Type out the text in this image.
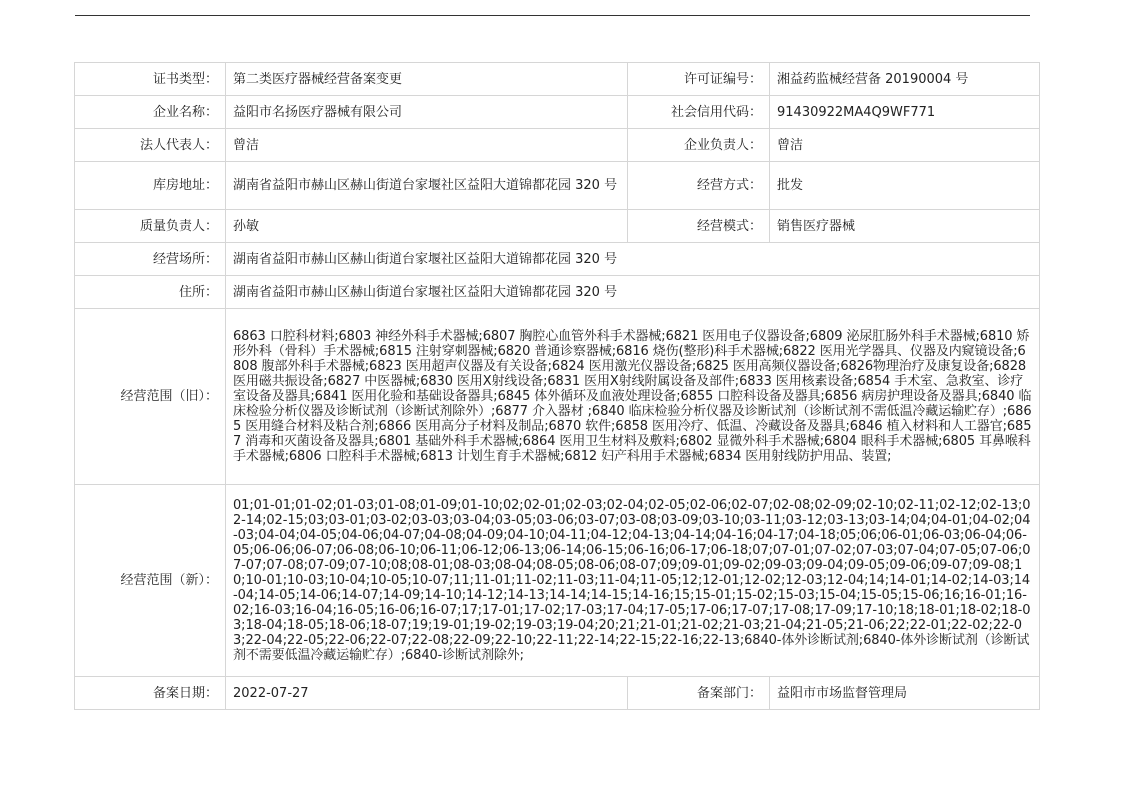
证书类型：	第二类医疗器械经营备案变更	许可证编号：	湘益药监械经营备 20190004 号
企业名称：	益阳市名扬医疗器械有限公司	社会信用代码：	91430922MA4Q9WF771
法人代表人：	曾洁	企业负责人：	曾洁
库房地址：	湖南省益阳市赫山区赫山街道台家堰社区益阳大道锦都花园 320 号	经营方式：	批发
质量负责人：	孙敏	经营模式：	销售医疗器械
经营场所：	湖南省益阳市赫山区赫山街道台家堰社区益阳大道锦都花园 320 号		
住所：	湖南省益阳市赫山区赫山街道台家堰社区益阳大道锦都花园 320 号		
经营范围（旧）：	6863 口腔科材料;6803 神经外科手术器械;6807 胸腔心血管外科手术器械;6821 医用电子仪器设备;6809 泌尿肛肠外科手术器械;6810 矫形外科（骨科）手术器械;6815 注射穿刺器械;6820 普通诊察器械;6816 烧伤(整形)科手术器械;6822 医用光学器具、仪器及内窥镜设备;6808 腹部外科手术器械;6823 医用超声仪器及有关设备;6824 医用激光仪器设备;6825 医用高频仪器设备;6826物理治疗及康复设备;6828 医用磁共振设备;6827 中医器械;6830 医用X射线设备;6831 医用X射线附属设备及部件;6833 医用核素设备;6854 手术室、急救室、诊疗室设备及器具;6841 医用化验和基础设备器具;6845 体外循环及血液处理设备;6855 口腔科设备及器具;6856 病房护理设备及器具;6840 临床检验分析仪器及诊断试剂（诊断试剂除外）;6877 介入器材 ;6840 临床检验分析仪器及诊断试剂（诊断试剂不需低温冷藏运输贮存）;6865 医用缝合材料及粘合剂;6866 医用高分子材料及制品;6870 软件;6858 医用冷疗、低温、冷藏设备及器具;6846 植入材料和人工器官;6857 消毒和灭菌设备及器具;6801 基础外科手术器械;6864 医用卫生材料及敷料;6802 显微外科手术器械;6804 眼科手术器械;6805 耳鼻喉科手术器械;6806 口腔科手术器械;6813 计划生育手术器械;6812 妇产科用手术器械;6834 医用射线防护用品、装置;		
经营范围（新）：	01;01-01;01-02;01-03;01-08;01-09;01-10;02;02-01;02-03;02-04;02-05;02-06;02-07;02-08;02-09;02-10;02-11;02-12;02-13;02-14;02-15;03;03-01;03-02;03-03;03-04;03-05;03-06;03-07;03-08;03-09;03-10;03-11;03-12;03-13;03-14;04;04-01;04-02;04-03;04-04;04-05;04-06;04-07;04-08;04-09;04-10;04-11;04-12;04-13;04-14;04-16;04-17;04-18;05;06;06-01;06-03;06-04;06-05;06-06;06-07;06-08;06-10;06-11;06-12;06-13;06-14;06-15;06-16;06-17;06-18;07;07-01;07-02;07-03;07-04;07-05;07-06;07-07;07-08;07-09;07-10;08;08-01;08-03;08-04;08-05;08-06;08-07;09;09-01;09-02;09-03;09-04;09-05;09-06;09-07;09-08;10;10-01;10-03;10-04;10-05;10-07;11;11-01;11-02;11-03;11-04;11-05;12;12-01;12-02;12-03;12-04;14;14-01;14-02;14-03;14-04;14-05;14-06;14-07;14-09;14-10;14-12;14-13;14-14;14-15;14-16;15;15-01;15-02;15-03;15-04;15-05;15-06;16;16-01;16-02;16-03;16-04;16-05;16-06;16-07;17;17-01;17-02;17-03;17-04;17-05;17-06;17-07;17-08;17-09;17-10;18;18-01;18-02;18-03;18-04;18-05;18-06;18-07;19;19-01;19-02;19-03;19-04;20;21;21-01;21-02;21-03;21-04;21-05;21-06;22;22-01;22-02;22-03;22-04;22-05;22-06;22-07;22-08;22-09;22-10;22-11;22-14;22-15;22-16;22-13;6840-体外诊断试剂;6840-体外诊断试剂（诊断试剂不需要低温冷藏运输贮存）;6840-诊断试剂除外;		
备案日期：	2022-07-27	备案部门：	益阳市市场监督管理局
